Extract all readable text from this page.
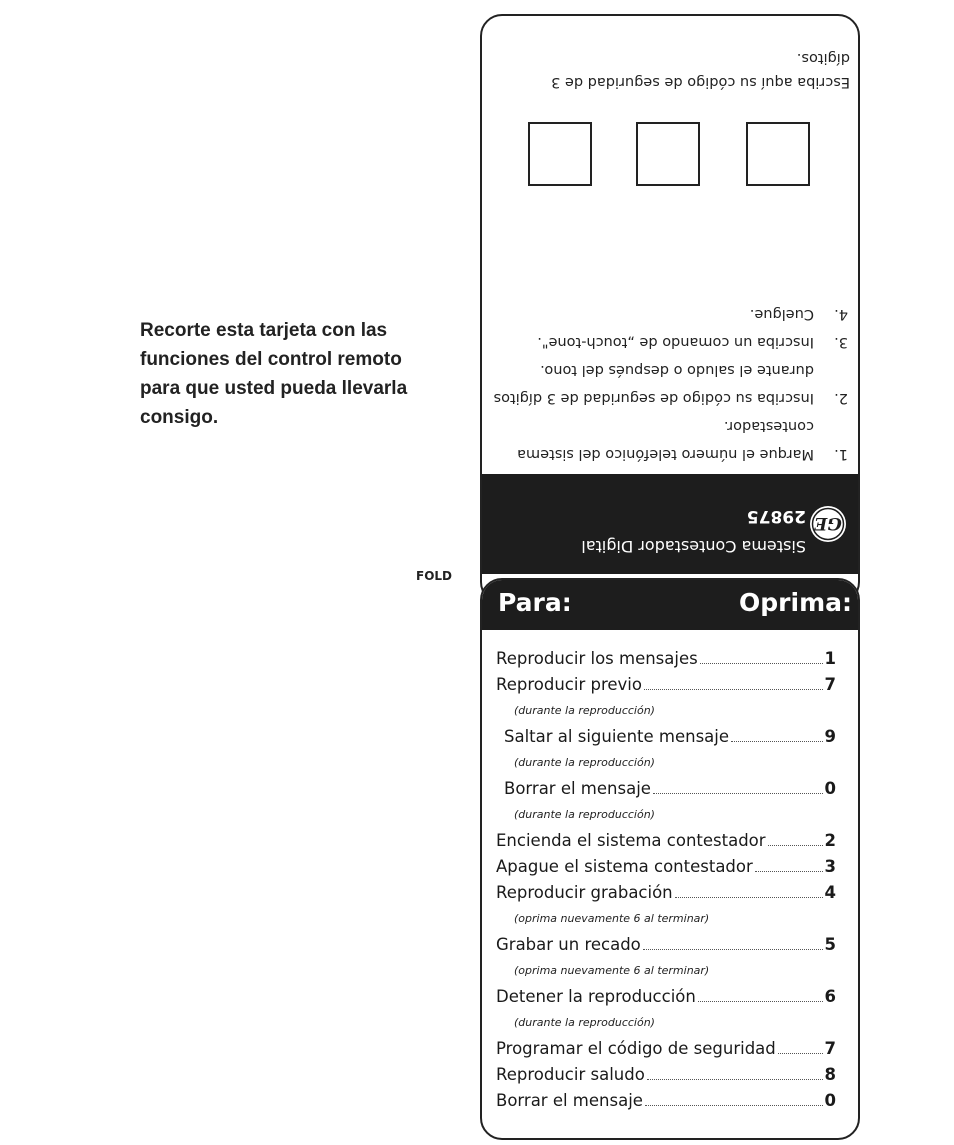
Recorte esta tarjeta con las funciones del control remoto para que usted pueda llevarla consigo.

FOLD
GE
29875
Sistema Contestador Digital
1.
Marque el número telefónico del sistema contestador.
2.
Inscriba su código de seguridad de 3 dígitos durante el saludo o después del tono.
3.
Inscriba un comando de „touch-tone".
4.
Cuelgue.
Escriba aquí su código de seguridad de 3 dígitos.
Para:	Oprima:
Reproducir los mensajes	1
Reproducir previo	7
(durante la reproducción)
Saltar al siguiente mensaje	9
(durante la reproducción)
Borrar el mensaje	0
(durante la reproducción)
Encienda el sistema contestador	2
Apague el sistema contestador	3
Reproducir grabación	4
(oprima nuevamente 6 al terminar)
Grabar un recado	5
(oprima nuevamente 6 al terminar)
Detener la reproducción	6
(durante la reproducción)
Programar el código de seguridad	7
Reproducir saludo	8
Borrar el mensaje	0
